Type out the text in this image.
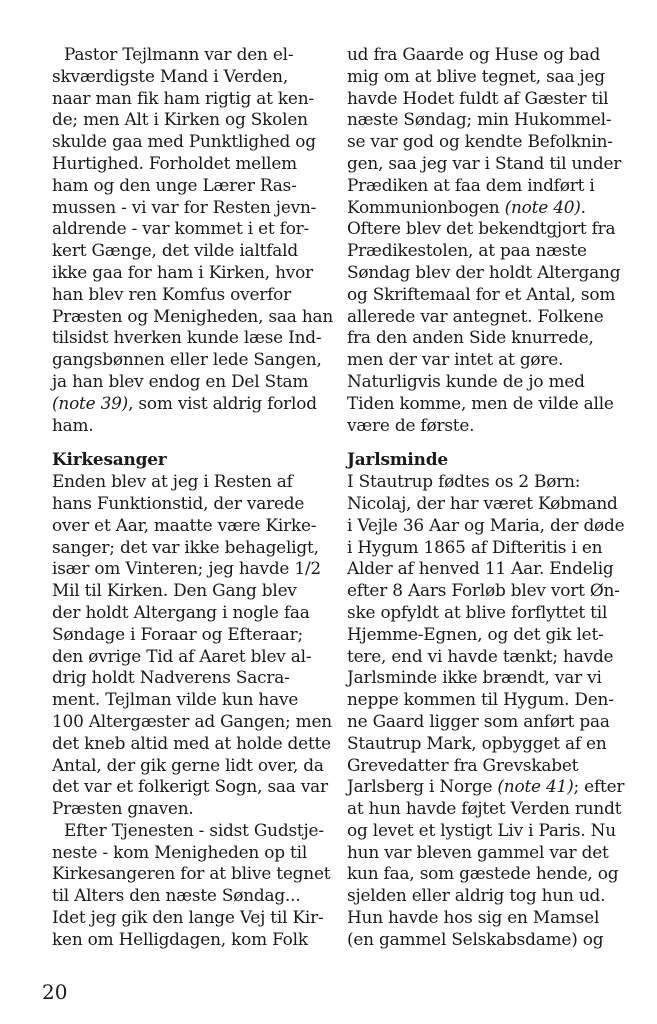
Pastor Tejlmann var den el-
skværdigste Mand i Verden,
naar man fik ham rigtig at ken-
de; men Alt i Kirken og Skolen
skulde gaa med Punktlighed og
Hurtighed. Forholdet mellem
ham og den unge Lærer Ras-
mussen - vi var for Resten jevn-
aldrende - var kommet i et for-
kert Gænge, det vilde ialtfald
ikke gaa for ham i Kirken, hvor
han blev ren Komfus overfor
Præsten og Menigheden, saa han
tilsidst hverken kunde læse Ind-
gangsbønnen eller lede Sangen,
ja han blev endog en Del Stam
(note 39), som vist aldrig forlod
ham.
Kirkesanger
Enden blev at jeg i Resten af
hans Funktionstid, der varede
over et Aar, maatte være Kirke-
sanger; det var ikke behageligt,
især om Vinteren; jeg havde 1/2
Mil til Kirken. Den Gang blev
der holdt Altergang i nogle faa
Søndage i Foraar og Efteraar;
den øvrige Tid af Aaret blev al-
drig holdt Nadverens Sacra-
ment. Tejlman vilde kun have
100 Altergæster ad Gangen; men
det kneb altid med at holde dette
Antal, der gik gerne lidt over, da
det var et folkerigt Sogn, saa var
Præsten gnaven.
Efter Tjenesten - sidst Gudstje-
neste - kom Menigheden op til
Kirkesangeren for at blive tegnet
til Alters den næste Søndag...
Idet jeg gik den lange Vej til Kir-
ken om Helligdagen, kom Folk
ud fra Gaarde og Huse og bad
mig om at blive tegnet, saa jeg
havde Hodet fuldt af Gæster til
næste Søndag; min Hukommel-
se var god og kendte Befolknin-
gen, saa jeg var i Stand til under
Prædiken at faa dem indført i
Kommunionbogen (note 40).
Oftere blev det bekendtgjort fra
Prædikestolen, at paa næste
Søndag blev der holdt Altergang
og Skriftemaal for et Antal, som
allerede var antegnet. Folkene
fra den anden Side knurrede,
men der var intet at gøre.
Naturligvis kunde de jo med
Tiden komme, men de vilde alle
være de første.
Jarlsminde
I Stautrup fødtes os 2 Børn:
Nicolaj, der har været Købmand
i Vejle 36 Aar og Maria, der døde
i Hygum 1865 af Difteritis i en
Alder af henved 11 Aar. Endelig
efter 8 Aars Forløb blev vort Øn-
ske opfyldt at blive forflyttet til
Hjemme-Egnen, og det gik let-
tere, end vi havde tænkt; havde
Jarlsminde ikke brændt, var vi
neppe kommen til Hygum. Den-
ne Gaard ligger som anført paa
Stautrup Mark, opbygget af en
Grevedatter fra Grevskabet
Jarlsberg i Norge (note 41); efter
at hun havde føjtet Verden rundt
og levet et lystigt Liv i Paris. Nu
hun var bleven gammel var det
kun faa, som gæstede hende, og
sjelden eller aldrig tog hun ud.
Hun havde hos sig en Mamsel
(en gammel Selskabsdame) og
20
